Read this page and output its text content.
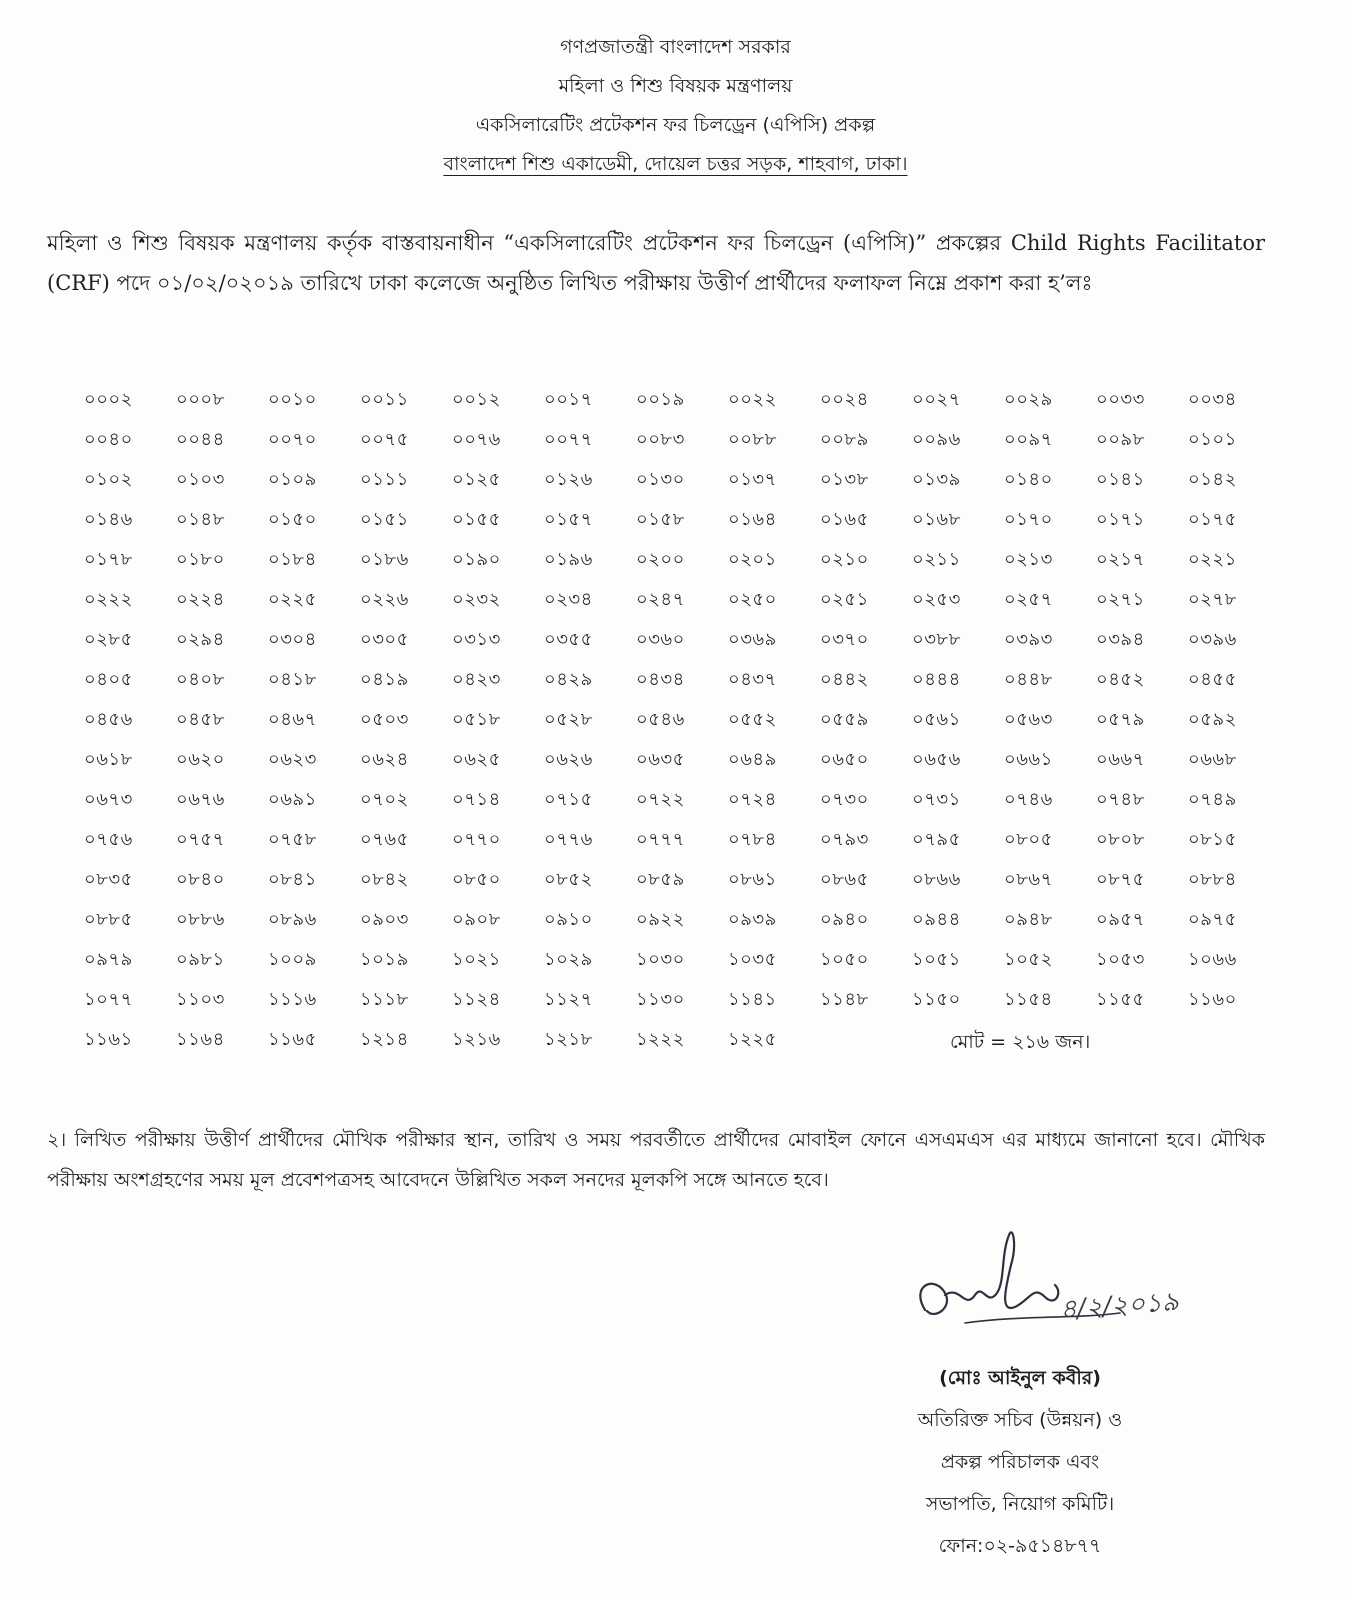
গণপ্রজাতন্ত্রী বাংলাদেশ সরকার
মহিলা ও শিশু বিষয়ক মন্ত্রণালয়
একসিলারেটিং প্রটেকশন ফর চিলড্রেন (এপিসি) প্রকল্প
বাংলাদেশ শিশু একাডেমী, দোয়েল চত্তর সড়ক, শাহবাগ, ঢাকা।
মহিলা ও শিশু বিষয়ক মন্ত্রণালয় কর্তৃক বাস্তবায়নাধীন “একসিলারেটিং প্রটেকশন ফর চিলড্রেন (এপিসি)” প্রকল্পের Child Rights Facilitator (CRF) পদে ০১/০২/০২০১৯ তারিখে ঢাকা কলেজে অনুষ্ঠিত লিখিত পরীক্ষায় উত্তীর্ণ প্রার্থীদের ফলাফল নিম্নে প্রকাশ করা হ’লঃ
০০০২	০০০৮	০০১০	০০১১	০০১২	০০১৭	০০১৯	০০২২	০০২৪	০০২৭	০০২৯	০০৩৩	০০৩৪
০০৪০	০০৪৪	০০৭০	০০৭৫	০০৭৬	০০৭৭	০০৮৩	০০৮৮	০০৮৯	০০৯৬	০০৯৭	০০৯৮	০১০১
০১০২	০১০৩	০১০৯	০১১১	০১২৫	০১২৬	০১৩০	০১৩৭	০১৩৮	০১৩৯	০১৪০	০১৪১	০১৪২
০১৪৬	০১৪৮	০১৫০	০১৫১	০১৫৫	০১৫৭	০১৫৮	০১৬৪	০১৬৫	০১৬৮	০১৭০	০১৭১	০১৭৫
০১৭৮	০১৮০	০১৮৪	০১৮৬	০১৯০	০১৯৬	০২০০	০২০১	০২১০	০২১১	০২১৩	০২১৭	০২২১
০২২২	০২২৪	০২২৫	০২২৬	০২৩২	০২৩৪	০২৪৭	০২৫০	০২৫১	০২৫৩	০২৫৭	০২৭১	০২৭৮
০২৮৫	০২৯৪	০৩০৪	০৩০৫	০৩১৩	০৩৫৫	০৩৬০	০৩৬৯	০৩৭০	০৩৮৮	০৩৯৩	০৩৯৪	০৩৯৬
০৪০৫	০৪০৮	০৪১৮	০৪১৯	০৪২৩	০৪২৯	০৪৩৪	০৪৩৭	০৪৪২	০৪৪৪	০৪৪৮	০৪৫২	০৪৫৫
০৪৫৬	০৪৫৮	০৪৬৭	০৫০৩	০৫১৮	০৫২৮	০৫৪৬	০৫৫২	০৫৫৯	০৫৬১	০৫৬৩	০৫৭৯	০৫৯২
০৬১৮	০৬২০	০৬২৩	০৬২৪	০৬২৫	০৬২৬	০৬৩৫	০৬৪৯	০৬৫০	০৬৫৬	০৬৬১	০৬৬৭	০৬৬৮
০৬৭৩	০৬৭৬	০৬৯১	০৭০২	০৭১৪	০৭১৫	০৭২২	০৭২৪	০৭৩০	০৭৩১	০৭৪৬	০৭৪৮	০৭৪৯
০৭৫৬	০৭৫৭	০৭৫৮	০৭৬৫	০৭৭০	০৭৭৬	০৭৭৭	০৭৮৪	০৭৯৩	০৭৯৫	০৮০৫	০৮০৮	০৮১৫
০৮৩৫	০৮৪০	০৮৪১	০৮৪২	০৮৫০	০৮৫২	০৮৫৯	০৮৬১	০৮৬৫	০৮৬৬	০৮৬৭	০৮৭৫	০৮৮৪
০৮৮৫	০৮৮৬	০৮৯৬	০৯০৩	০৯০৮	০৯১০	০৯২২	০৯৩৯	০৯৪০	০৯৪৪	০৯৪৮	০৯৫৭	০৯৭৫
০৯৭৯	০৯৮১	১০০৯	১০১৯	১০২১	১০২৯	১০৩০	১০৩৫	১০৫০	১০৫১	১০৫২	১০৫৩	১০৬৬
১০৭৭	১১০৩	১১১৬	১১১৮	১১২৪	১১২৭	১১৩০	১১৪১	১১৪৮	১১৫০	১১৫৪	১১৫৫	১১৬০
১১৬১	১১৬৪	১১৬৫	১২১৪	১২১৬	১২১৮	১২২২	১২২৫	মোট = ২১৬ জন।
২। লিখিত পরীক্ষায় উত্তীর্ণ প্রার্থীদের মৌখিক পরীক্ষার স্থান, তারিখ ও সময় পরবর্তীতে প্রার্থীদের মোবাইল ফোনে এসএমএস এর মাধ্যমে জানানো হবে। মৌখিক পরীক্ষায় অংশগ্রহণের সময় মূল প্রবেশপত্রসহ আবেদনে উল্লিখিত সকল সনদের মূলকপি সঙ্গে আনতে হবে।
৪/২/২০১৯
(মোঃ আইনুল কবীর)
অতিরিক্ত সচিব (উন্নয়ন) ও
প্রকল্প পরিচালক এবং
সভাপতি, নিয়োগ কমিটি।
ফোন:০২-৯৫১৪৮৭৭
